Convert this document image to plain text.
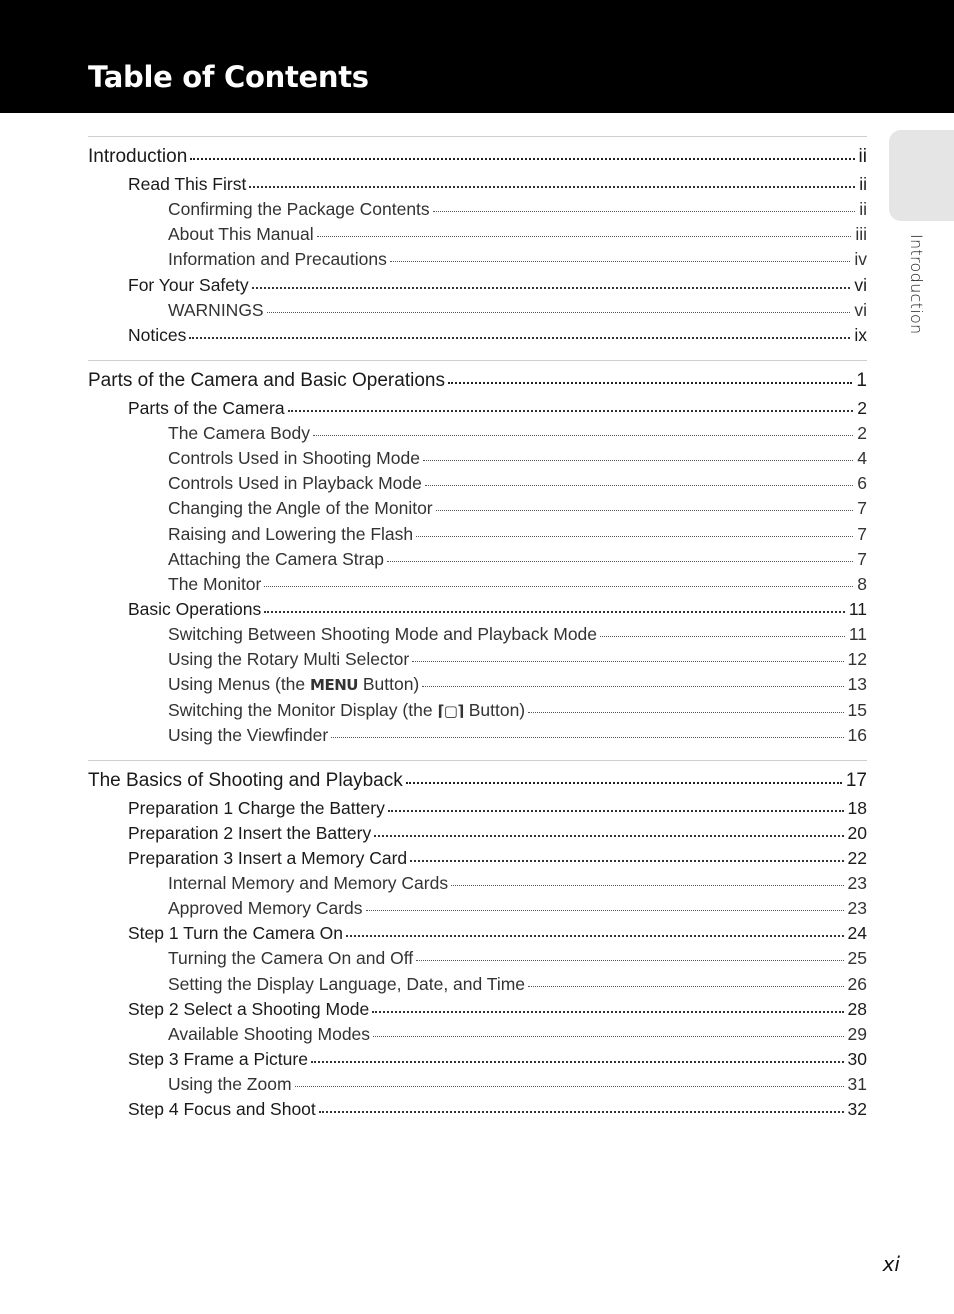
Table of Contents
Introduction
Introduction	ii
Read This First	ii
Confirming the Package Contents	ii
About This Manual	iii
Information and Precautions	iv
For Your Safety	vi
WARNINGS	vi
Notices	ix
Parts of the Camera and Basic Operations	1
Parts of the Camera	2
The Camera Body	2
Controls Used in Shooting Mode	4
Controls Used in Playback Mode	6
Changing the Angle of the Monitor	7
Raising and Lowering the Flash	7
Attaching the Camera Strap	7
The Monitor	8
Basic Operations	11
Switching Between Shooting Mode and Playback Mode	11
Using the Rotary Multi Selector	12
Using Menus (the MENU Button)	13
Switching the Monitor Display (the ⌈▢⌉ Button)	15
Using the Viewfinder	16
The Basics of Shooting and Playback	17
Preparation 1 Charge the Battery	18
Preparation 2 Insert the Battery	20
Preparation 3 Insert a Memory Card	22
Internal Memory and Memory Cards	23
Approved Memory Cards	23
Step 1 Turn the Camera On	24
Turning the Camera On and Off	25
Setting the Display Language, Date, and Time	26
Step 2 Select a Shooting Mode	28
Available Shooting Modes	29
Step 3 Frame a Picture	30
Using the Zoom	31
Step 4 Focus and Shoot	32
xi
